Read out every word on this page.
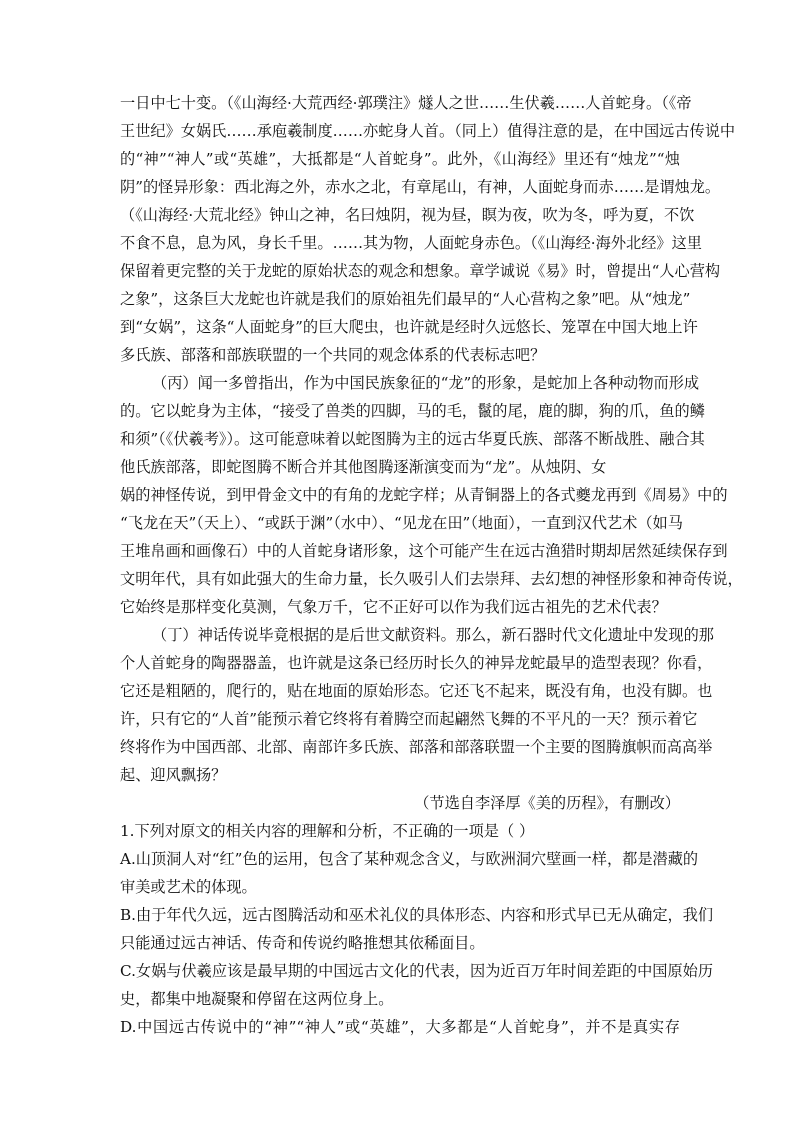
一日中七十变。（《山海经·大荒西经·郭璞注》燧人之世……生伏羲……人首蛇身。（《帝
王世纪》女娲氏……承庖羲制度……亦蛇身人首。（同上）值得注意的是，在中国远古传说中
的“神”“神人”或“英雄”，大抵都是“人首蛇身”。此外，《山海经》里还有“烛龙”“烛
阴”的怪异形象：西北海之外，赤水之北，有章尾山，有神，人面蛇身而赤……是谓烛龙。
（《山海经·大荒北经》钟山之神，名曰烛阴，视为昼，瞑为夜，吹为冬，呼为夏，不饮
不食不息，息为风，身长千里。……其为物，人面蛇身赤色。（《山海经·海外北经》这里
保留着更完整的关于龙蛇的原始状态的观念和想象。章学诚说《易》时，曾提出“人心营构
之象”，这条巨大龙蛇也许就是我们的原始祖先们最早的“人心营构之象”吧。从“烛龙”
到“女娲”，这条“人面蛇身”的巨大爬虫，也许就是经时久远悠长、笼罩在中国大地上许
多氏族、部落和部族联盟的一个共同的观念体系的代表标志吧？
（丙）闻一多曾指出，作为中国民族象征的“龙”的形象，是蛇加上各种动物而形成
的。它以蛇身为主体，“接受了兽类的四脚，马的毛，鬣的尾，鹿的脚，狗的爪，鱼的鳞
和须”（《伏羲考》）。这可能意味着以蛇图腾为主的远古华夏氏族、部落不断战胜、融合其
他氏族部落，即蛇图腾不断合并其他图腾逐渐演变而为“龙”。从烛阴、女
娲的神怪传说，到甲骨金文中的有角的龙蛇字样；从青铜器上的各式夔龙再到《周易》中的
“飞龙在天”（天上）、“或跃于渊”（水中）、“见龙在田”（地面），一直到汉代艺术（如马
王堆帛画和画像石）中的人首蛇身诸形象，这个可能产生在远古渔猎时期却居然延续保存到
文明年代，具有如此强大的生命力量，长久吸引人们去崇拜、去幻想的神怪形象和神奇传说，
它始终是那样变化莫测，气象万千，它不正好可以作为我们远古祖先的艺术代表？
（丁）神话传说毕竟根据的是后世文献资料。那么，新石器时代文化遗址中发现的那
个人首蛇身的陶器器盖，也许就是这条已经历时长久的神异龙蛇最早的造型表现？你看，
它还是粗陋的，爬行的，贴在地面的原始形态。它还飞不起来，既没有角，也没有脚。也
许，只有它的“人首”能预示着它终将有着腾空而起翩然飞舞的不平凡的一天？预示着它
终将作为中国西部、北部、南部许多氏族、部落和部落联盟一个主要的图腾旗帜而高高举
起、迎风飘扬？
（节选自李泽厚《美的历程》，有删改）
1.下列对原文的相关内容的理解和分析，不正确的一项是（ ）
A.山顶洞人对“红”色的运用，包含了某种观念含义，与欧洲洞穴壁画一样，都是潜藏的
审美或艺术的体现。
B.由于年代久远，远古图腾活动和巫术礼仪的具体形态、内容和形式早已无从确定，我们
只能通过远古神话、传奇和传说约略推想其依稀面目。
C.女娲与伏羲应该是最早期的中国远古文化的代表，因为近百万年时间差距的中国原始历
史，都集中地凝聚和停留在这两位身上。
D.中国远古传说中的“神”“神人”或“英雄”，大多都是“人首蛇身”，并不是真实存
